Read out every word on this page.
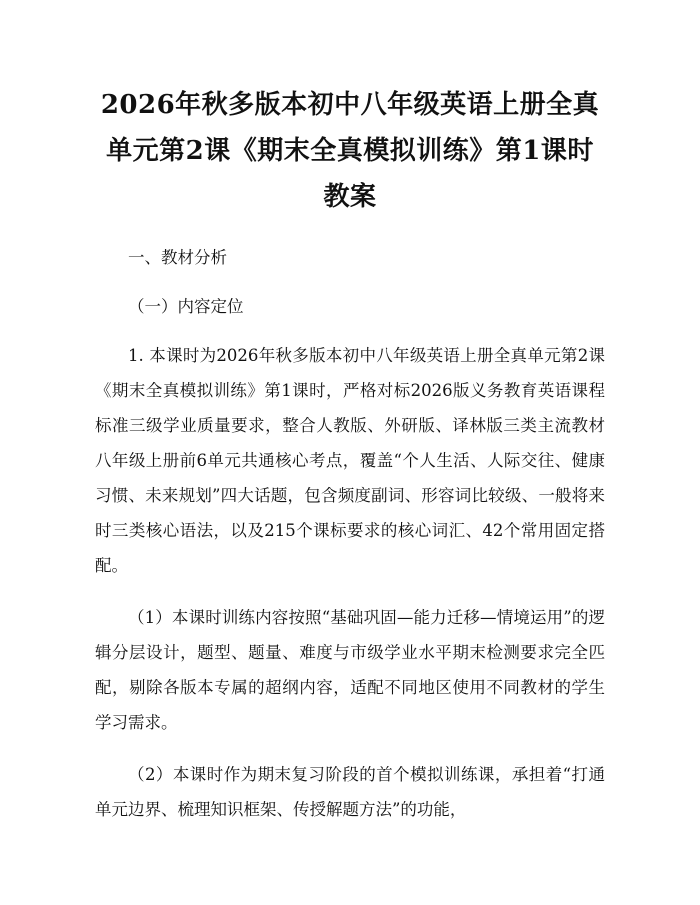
2026年秋多版本初中八年级英语上册全真单元第2课《期末全真模拟训练》第1课时教案

一、教材分析

（一）内容定位

1. 本课时为2026年秋多版本初中八年级英语上册全真单元第2课《期末全真模拟训练》第1课时，严格对标2026版义务教育英语课程标准三级学业质量要求，整合人教版、外研版、译林版三类主流教材八年级上册前6单元共通核心考点，覆盖“个人生活、人际交往、健康习惯、未来规划”四大话题，包含频度副词、形容词比较级、一般将来时三类核心语法，以及215个课标要求的核心词汇、42个常用固定搭配。

（1）本课时训练内容按照“基础巩固—能力迁移—情境运用”的逻辑分层设计，题型、题量、难度与市级学业水平期末检测要求完全匹配，剔除各版本专属的超纲内容，适配不同地区使用不同教材的学生学习需求。

（2）本课时作为期末复习阶段的首个模拟训练课，承担着“打通单元边界、梳理知识框架、传授解题方法”的功能，
